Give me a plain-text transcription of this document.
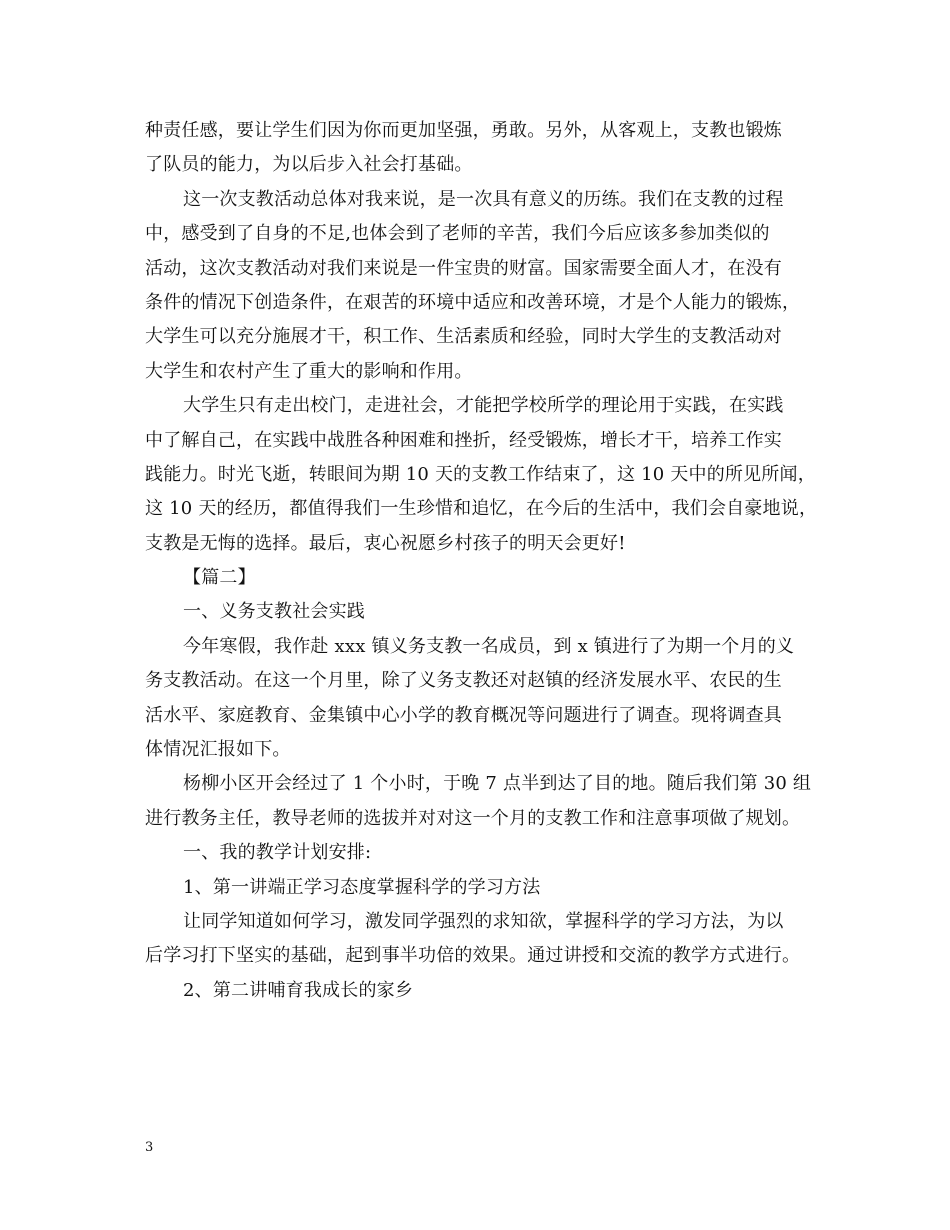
种责任感，要让学生们因为你而更加坚强，勇敢。另外，从客观上，支教也锻炼
了队员的能力，为以后步入社会打基础。
这一次支教活动总体对我来说，是一次具有意义的历练。我们在支教的过程
中，感受到了自身的不足,也体会到了老师的辛苦，我们今后应该多参加类似的
活动，这次支教活动对我们来说是一件宝贵的财富。国家需要全面人才，在没有
条件的情况下创造条件，在艰苦的环境中适应和改善环境，才是个人能力的锻炼，
大学生可以充分施展才干，积工作、生活素质和经验，同时大学生的支教活动对
大学生和农村产生了重大的影响和作用。
大学生只有走出校门，走进社会，才能把学校所学的理论用于实践，在实践
中了解自己，在实践中战胜各种困难和挫折，经受锻炼，增长才干，培养工作实
践能力。时光飞逝，转眼间为期 10 天的支教工作结束了，这 10 天中的所见所闻，
这 10 天的经历，都值得我们一生珍惜和追忆，在今后的生活中，我们会自豪地说，
支教是无悔的选择。最后，衷心祝愿乡村孩子的明天会更好!
【篇二】
一、义务支教社会实践
今年寒假，我作赴 xxx 镇义务支教一名成员，到 x 镇进行了为期一个月的义
务支教活动。在这一个月里，除了义务支教还对赵镇的经济发展水平、农民的生
活水平、家庭教育、金集镇中心小学的教育概况等问题进行了调查。现将调查具
体情况汇报如下。
杨柳小区开会经过了 1 个小时，于晚 7 点半到达了目的地。随后我们第 30 组
进行教务主任，教导老师的选拔并对对这一个月的支教工作和注意事项做了规划。
一、我的教学计划安排:
1、第一讲端正学习态度掌握科学的学习方法
让同学知道如何学习，激发同学强烈的求知欲，掌握科学的学习方法，为以
后学习打下坚实的基础，起到事半功倍的效果。通过讲授和交流的教学方式进行。
2、第二讲哺育我成长的家乡
3
